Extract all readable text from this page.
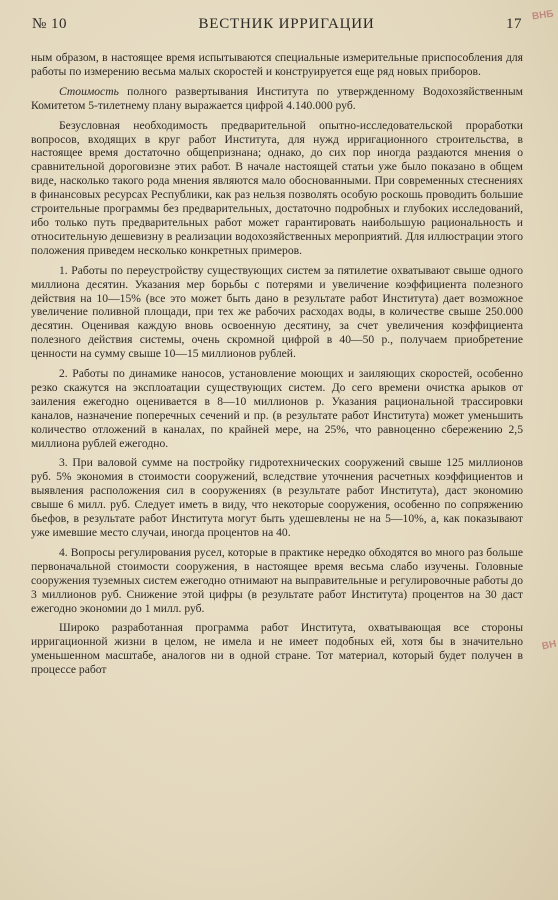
№ 10	ВЕСТНИК ИРРИГАЦИИ	17 ВНБ
ВН

ным образом, в настоящее время испытываются специальные измерительные приспособления для работы по измерению весьма малых скоростей и конструируется еще ряд новых приборов.

Стоимость полного развертывания Института по утвержденному Водохозяйственным Комитетом 5-тилетнему плану выражается цифрой 4.140.000 руб.

Безусловная необходимость предварительной опытно-исследовательской проработки вопросов, входящих в круг работ Института, для нужд ирригационного строительства, в настоящее время достаточно общепризнана; однако, до сих пор иногда раздаются мнения о сравнительной дороговизне этих работ. В начале настоящей статьи уже было показано в общем виде, насколько такого рода мнения являются мало обоснованными. При современных стеснениях в финансовых ресурсах Республики, как раз нельзя позволять особую роскошь проводить большие строительные программы без предварительных, достаточно подробных и глубоких исследований, ибо только путь предварительных работ может гарантировать наибольшую рациональность и относительную дешевизну в реализации водохозяйственных мероприятий. Для иллюстрации этого положения приведем несколько конкретных примеров.

1. Работы по переустройству существующих систем за пятилетие охватывают свыше одного миллиона десятин. Указания мер борьбы с потерями и увеличение коэффициента полезного действия на 10—15% (все это может быть дано в результате работ Института) дает возможное увеличение поливной площади, при тех же рабочих расходах воды, в количестве свыше 250.000 десятин. Оценивая каждую вновь освоенную десятину, за счет увеличения коэффициента полезного действия системы, очень скромной цифрой в 40—50 р., получаем приобретение ценности на сумму свыше 10—15 миллионов рублей.

2. Работы по динамике наносов, установление моющих и заиляющих скоростей, особенно резко скажутся на эксплоатации существующих систем. До сего времени очистка арыков от заиления ежегодно оценивается в 8—10 миллионов р. Указания рациональной трассировки каналов, назначение поперечных сечений и пр. (в результате работ Института) может уменьшить количество отложений в каналах, по крайней мере, на 25%, что равноценно сбережению 2,5 миллиона рублей ежегодно.

3. При валовой сумме на постройку гидротехнических сооружений свыше 125 миллионов руб. 5% экономия в стоимости сооружений, вследствие уточнения расчетных коэффициентов и выявления расположения сил в сооружениях (в результате работ Института), даст экономию свыше 6 милл. руб. Следует иметь в виду, что некоторые сооружения, особенно по сопряжению бьефов, в результате работ Института могут быть удешевлены не на 5—10%, а, как показывают уже имевшие место случаи, иногда процентов на 40.

4. Вопросы регулирования русел, которые в практике нередко обходятся во много раз больше первоначальной стоимости сооружения, в настоящее время весьма слабо изучены. Головные сооружения туземных систем ежегодно отнимают на выправительные и регулировочные работы до 3 миллионов руб. Снижение этой цифры (в результате работ Института) процентов на 30 даст ежегодно экономии до 1 милл. руб.

Широко разработанная программа работ Института, охватывающая все стороны ирригационной жизни в целом, не имела и не имеет подобных ей, хотя бы в значительно уменьшенном масштабе, аналогов ни в одной стране. Тот материал, который будет получен в процессе работ
